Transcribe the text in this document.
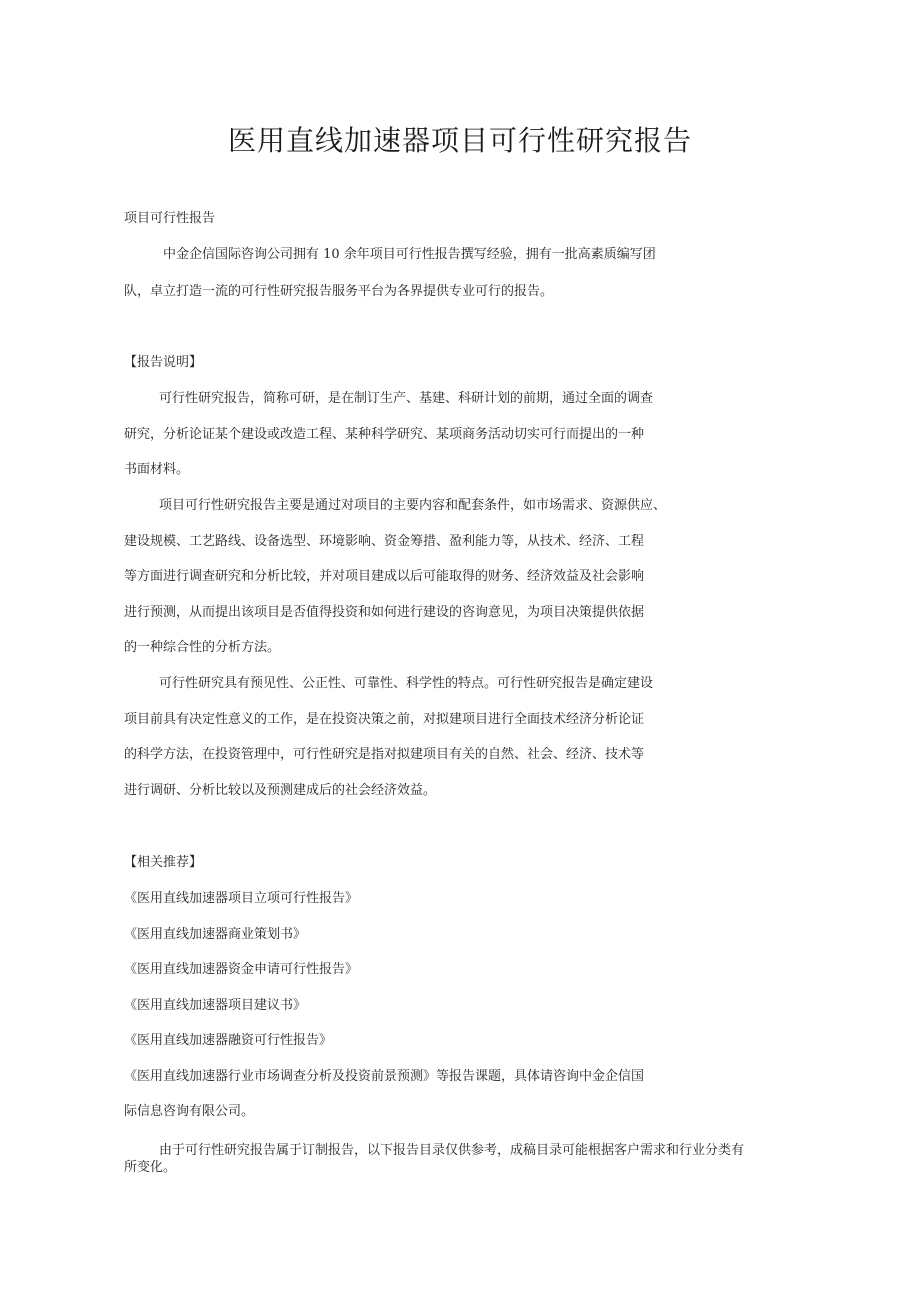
医用直线加速器项目可行性研究报告
项目可行性报告
中金企信国际咨询公司拥有 10 余年项目可行性报告撰写经验，拥有一批高素质编写团
队，卓立打造一流的可行性研究报告服务平台为各界提供专业可行的报告。
【报告说明】
可行性研究报告，简称可研，是在制订生产、基建、科研计划的前期，通过全面的调查
研究，分析论证某个建设或改造工程、某种科学研究、某项商务活动切实可行而提出的一种
书面材料。
项目可行性研究报告主要是通过对项目的主要内容和配套条件，如市场需求、资源供应、
建设规模、工艺路线、设备选型、环境影响、资金筹措、盈利能力等，从技术、经济、工程
等方面进行调查研究和分析比较，并对项目建成以后可能取得的财务、经济效益及社会影响
进行预测，从而提出该项目是否值得投资和如何进行建设的咨询意见，为项目决策提供依据
的一种综合性的分析方法。
可行性研究具有预见性、公正性、可靠性、科学性的特点。可行性研究报告是确定建设
项目前具有决定性意义的工作，是在投资决策之前，对拟建项目进行全面技术经济分析论证
的科学方法，在投资管理中，可行性研究是指对拟建项目有关的自然、社会、经济、技术等
进行调研、分析比较以及预测建成后的社会经济效益。
【相关推荐】
《医用直线加速器项目立项可行性报告》
《医用直线加速器商业策划书》
《医用直线加速器资金申请可行性报告》
《医用直线加速器项目建议书》
《医用直线加速器融资可行性报告》
《医用直线加速器行业市场调查分析及投资前景预测》等报告课题，具体请咨询中金企信国
际信息咨询有限公司。
由于可行性研究报告属于订制报告，以下报告目录仅供参考，成稿目录可能根据客户需求和行业分类有所变化。
